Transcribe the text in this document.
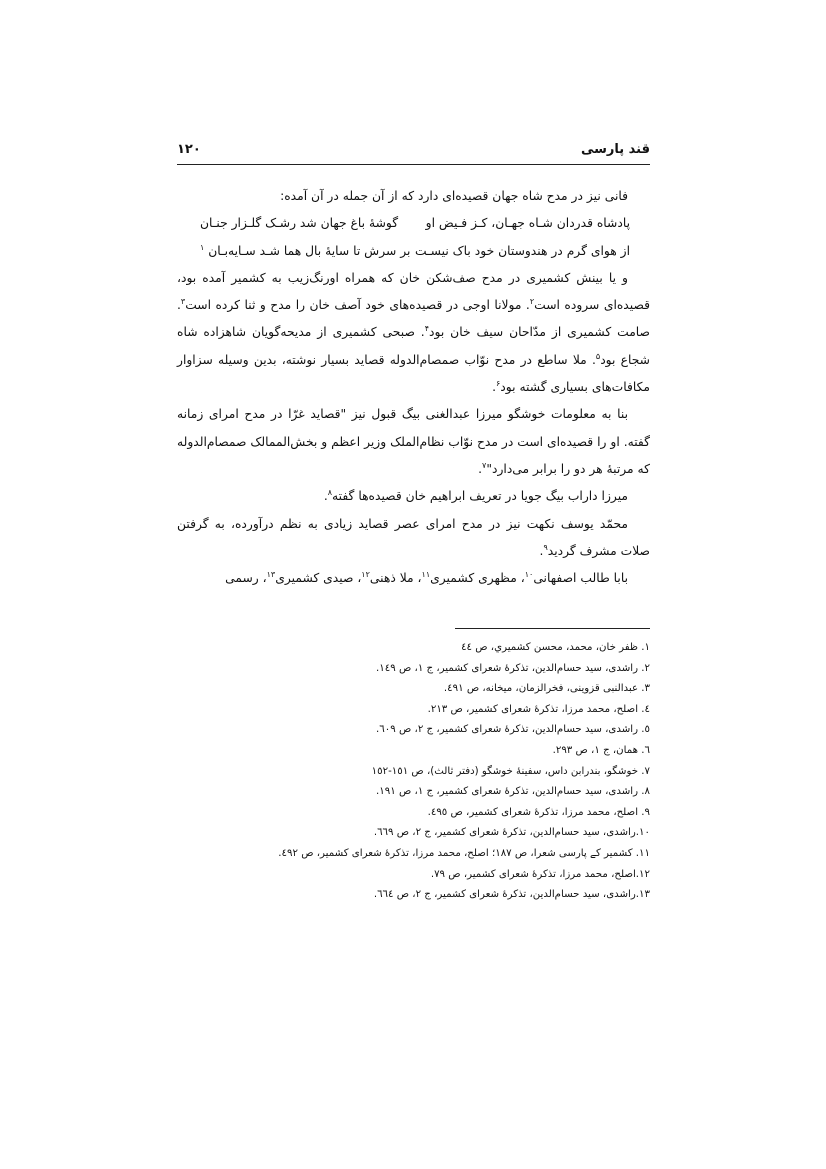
قند پارسی
۱۲۰

فانی نیز در مدح شاه جهان قصیده‌ای دارد که از آن جمله در آن آمده:

پادشاه قدردان شـاه جهـان، کـز فـیض او
گوشهٔ باغ جهان شد رشـک گلـزار جنـان
از هوای گرم در هندوستان خود باک نیسـت
بر سرش تا سایهٔ بال هما شـد سـایه‌بـان $^۱$

و یا بینش کشمیری در مدح صف‌شکن خان که همراه اورنگ‌زیب به کشمیر آمده بود، قصیده‌ای سروده است$^۲$. مولانا اوجی در قصیده‌های خود آصف خان را مدح و ثنا کرده است$^۳$. صامت کشمیری از مدّاحان سیف خان بود$^۴$. صبحی کشمیری از مدیحه‌گویان شاهزاده شاه شجاع بود$^۵$. ملا ساطع در مدح نوّاب صمصام‌الدوله قصاید بسیار نوشته، بدین وسیله سزاوار مکافات‌های بسیاری گشته بود$^۶$.

بنا به معلومات خوشگو میرزا عبدالغنی بیگ قبول نیز "قصاید غرّا در مدح امرای زمانه گفته. او را قصیده‌ای است در مدح نوّاب نظام‌الملک وزیر اعظم و بخش‌الممالک صمصام‌الدوله که مرتبهٔ هر دو را برابر می‌دارد"$^۷$.

میرزا داراب بیگ جویا در تعریف ابراهیم خان قصیده‌ها گفته$^۸$.

محمّد یوسف نکهت نیز در مدح امرای عصر قصاید زیادی به نظم درآورده، به گرفتن صلات مشرف گردید$^۹$.

بابا طالب اصفهانی$^{۱۰}$، مظهری کشمیری$^{۱۱}$، ملا ذهنی$^{۱۲}$، صیدی کشمیری$^{۱۳}$، رسمی

۱. ظفر خان، محمد، محسن کشمیري، ص ٤٤
۲. راشدی، سید حسام‌الدین، تذکرهٔ شعرای کشمیر، ج ۱، ص ۱٤۹.
۳. عبدالنبی قزوینی، فخرالزمان، میخانه، ص ٤۹۱.
٤. اصلح، محمد مرزا، تذکرهٔ شعرای کشمیر، ص ۲۱۳.
٥. راشدی، سید حسام‌الدین، تذکرهٔ شعرای کشمیر، ج ۲، ص ٦۰۹.
٦. همان، ج ۱، ص ۲۹۳.
۷. خوشگو، بندرابن داس، سفینهٔ خوشگو (دفتر ثالث)، ص ۱٥۱-۱٥۲
۸. راشدی، سید حسام‌الدین، تذکرهٔ شعرای کشمیر، ج ۱، ص ۱۹۱.
۹. اصلح، محمد مرزا، تذکرهٔ شعرای کشمیر، ص ٤۹٥.
۱۰.راشدی، سید حسام‌الدین، تذکرهٔ شعرای کشمیر، ج ۲، ص ٦٦۹.
۱۱. کشمیر کے پارسی شعرا، ص ۱۸۷؛ اصلح، محمد مرزا، تذکرهٔ شعرای کشمیر، ص ٤۹۲.
۱۲.اصلح، محمد مرزا، تذکرهٔ شعرای کشمیر، ص ۷۹.
۱۳.راشدی، سید حسام‌الدین، تذکرهٔ شعرای کشمیر، ج ۲، ص ٦٦٤.
